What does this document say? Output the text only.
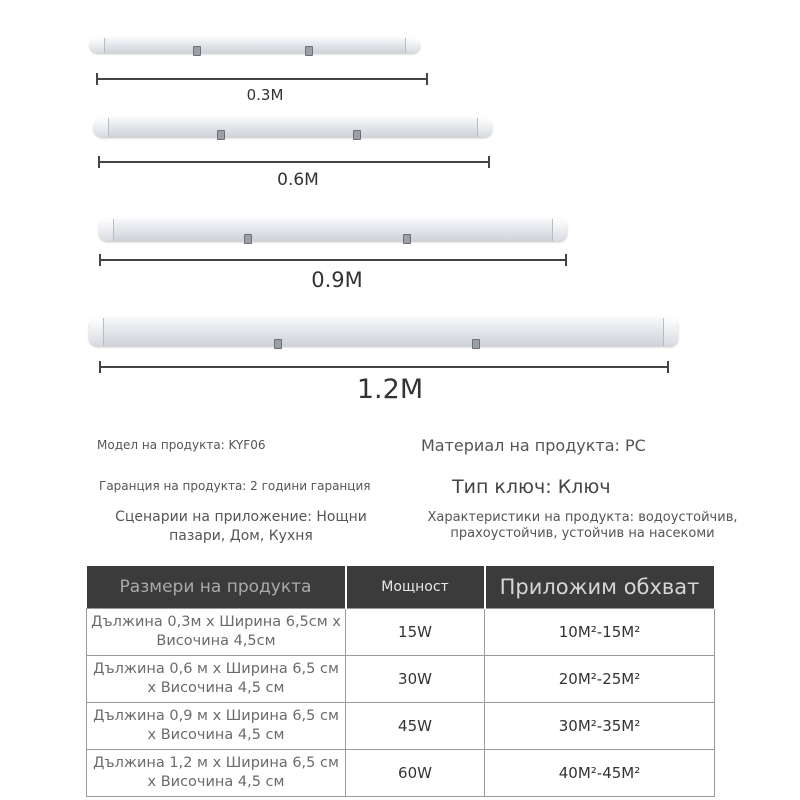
0.3M
0.6M
0.9M
1.2M
Модел на продукта: KYF06
Гаранция на продукта: 2 години гаранция
Сценарии на приложение: Нощни пазари, Дом, Кухня
Материал на продукта: PC
Тип ключ: Ключ
Характеристики на продукта: водоустойчив, прахоустойчив, устойчив на насекоми
Размери на продукта	Мощност	Приложим обхват
Дължина 0,3м x Ширина 6,5см x Височина 4,5см	15W	10M²-15M²
Дължина 0,6 м x Ширина 6,5 см x Височина 4,5 см	30W	20M²-25M²
Дължина 0,9 м x Ширина 6,5 см x Височина 4,5 см	45W	30M²-35M²
Дължина 1,2 м x Ширина 6,5 см x Височина 4,5 см	60W	40M²-45M²
